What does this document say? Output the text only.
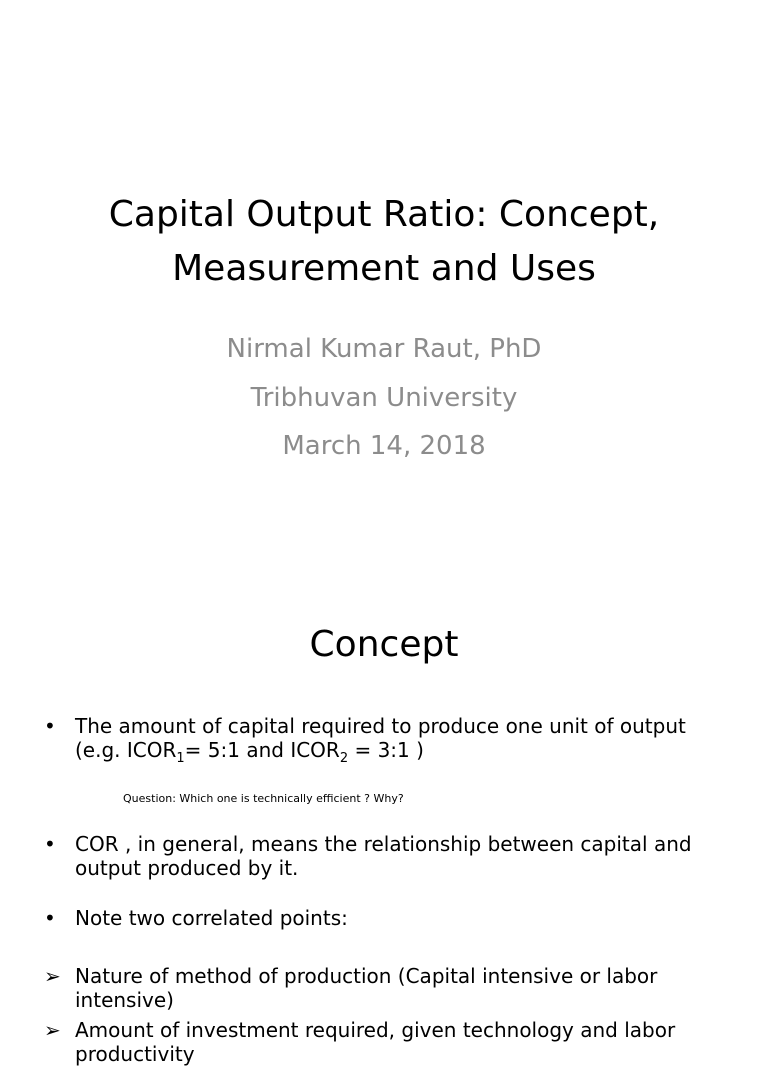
Capital Output Ratio: Concept,
Measurement and Uses

Nirmal Kumar Raut, PhD

Tribhuvan University

March 14, 2018

Concept
• The amount of capital required to produce one unit of output
(e.g. $ICOR_1=$ 5:1 and $ICOR_2$ = 3:1 )
Question: Which one is technically efficient ? Why?
• COR , in general, means the relationship between capital and
output produced by it.
• Note two correlated points:
➢ Nature of method of production (Capital intensive or labor intensive)
➢ Amount of investment required, given technology and labor productivity
